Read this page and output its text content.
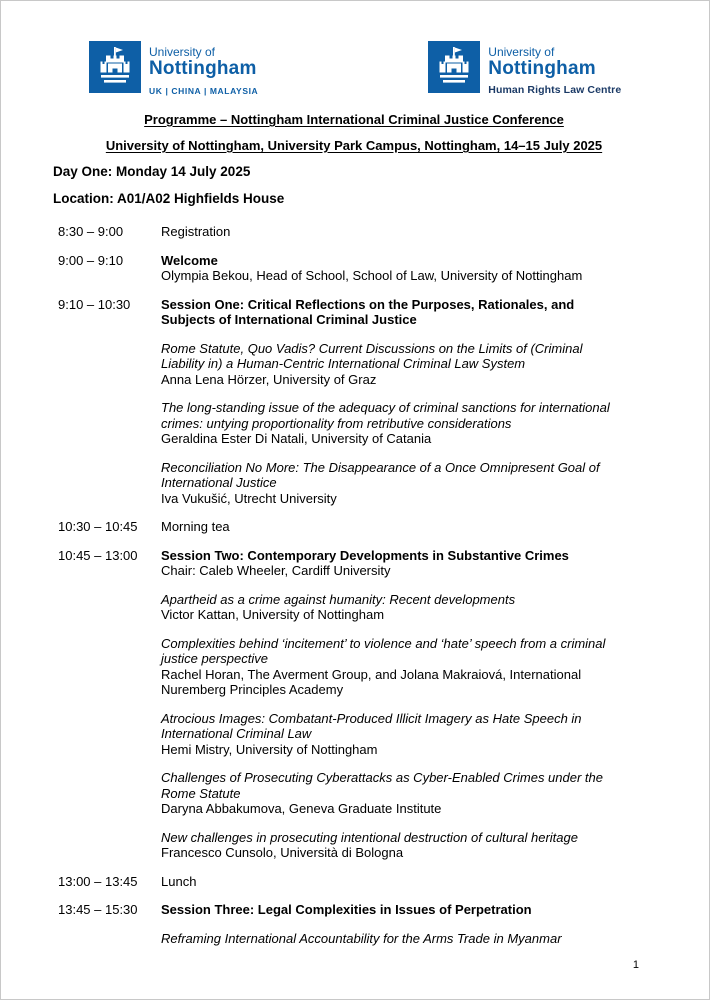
University of
Nottingham
UK | CHINA | MALAYSIA
University of
Nottingham
Human Rights Law Centre
Programme – Nottingham International Criminal Justice Conference
University of Nottingham, University Park Campus, Nottingham, 14–15 July 2025
Day One: Monday 14 July 2025
Location: A01/A02 Highfields House
8:30 – 9:00	Registration
9:00 – 9:10	Welcome
Olympia Bekou, Head of School, School of Law, University of Nottingham
9:10 – 10:30	Session One: Critical Reflections on the Purposes, Rationales, and Subjects of International Criminal Justice
Rome Statute, Quo Vadis? Current Discussions on the Limits of (Criminal Liability in) a Human-Centric International Criminal Law System
Anna Lena Hörzer, University of Graz
The long-standing issue of the adequacy of criminal sanctions for international crimes: untying proportionality from retributive considerations
Geraldina Ester Di Natali, University of Catania
Reconciliation No More: The Disappearance of a Once Omnipresent Goal of International Justice
Iva Vukušić, Utrecht University
10:30 – 10:45	Morning tea
10:45 – 13:00	Session Two: Contemporary Developments in Substantive Crimes
Chair: Caleb Wheeler, Cardiff University
Apartheid as a crime against humanity: Recent developments
Victor Kattan, University of Nottingham
Complexities behind ‘incitement’ to violence and ‘hate’ speech from a criminal justice perspective
Rachel Horan, The Averment Group, and Jolana Makraiová, International Nuremberg Principles Academy
Atrocious Images: Combatant-Produced Illicit Imagery as Hate Speech in International Criminal Law
Hemi Mistry, University of Nottingham
Challenges of Prosecuting Cyberattacks as Cyber-Enabled Crimes under the Rome Statute
Daryna Abbakumova, Geneva Graduate Institute
New challenges in prosecuting intentional destruction of cultural heritage
Francesco Cunsolo, Università di Bologna
13:00 – 13:45	Lunch
13:45 – 15:30	Session Three: Legal Complexities in Issues of Perpetration
Reframing International Accountability for the Arms Trade in Myanmar
1
